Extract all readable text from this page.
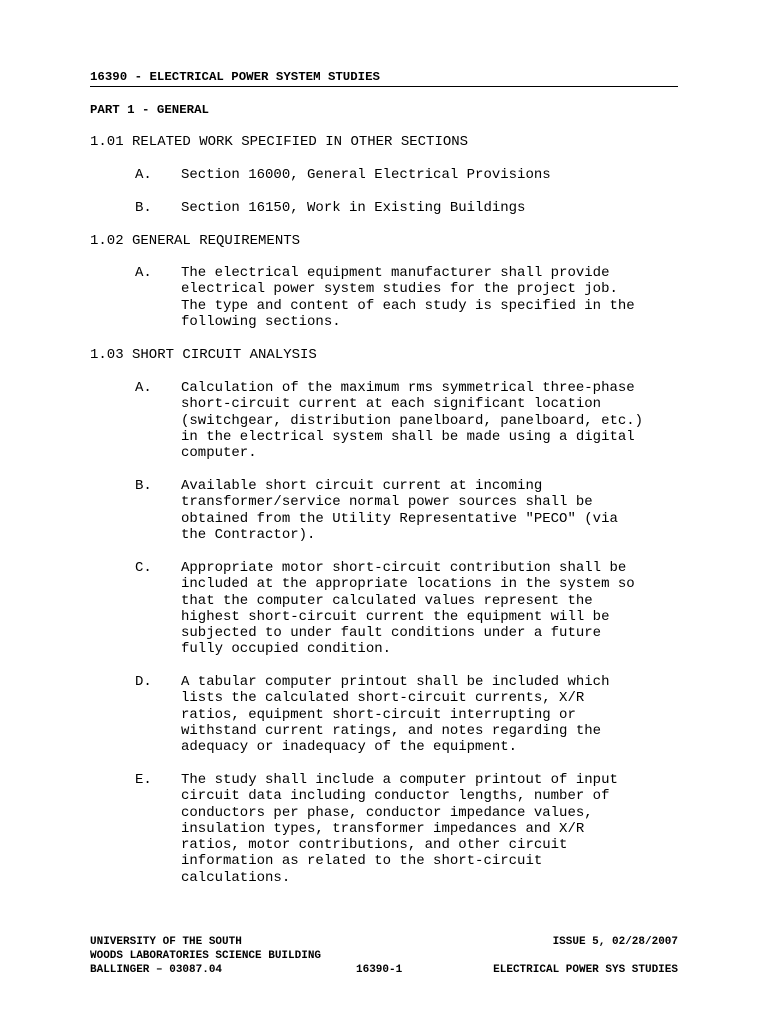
16390 - ELECTRICAL POWER SYSTEM STUDIES
PART 1 - GENERAL
1.01 RELATED WORK SPECIFIED IN OTHER SECTIONS
A. Section 16000, General Electrical Provisions
B. Section 16150, Work in Existing Buildings
1.02 GENERAL REQUIREMENTS
A. The electrical equipment manufacturer shall provide
electrical power system studies for the project job.
The type and content of each study is specified in the
following sections.
1.03 SHORT CIRCUIT ANALYSIS
A. Calculation of the maximum rms symmetrical three-phase
short-circuit current at each significant location
(switchgear, distribution panelboard, panelboard, etc.)
in the electrical system shall be made using a digital
computer.
B. Available short circuit current at incoming
transformer/service normal power sources shall be
obtained from the Utility Representative "PECO" (via
the Contractor).
C. Appropriate motor short-circuit contribution shall be
included at the appropriate locations in the system so
that the computer calculated values represent the
highest short-circuit current the equipment will be
subjected to under fault conditions under a future
fully occupied condition.
D. A tabular computer printout shall be included which
lists the calculated short-circuit currents, X/R
ratios, equipment short-circuit interrupting or
withstand current ratings, and notes regarding the
adequacy or inadequacy of the equipment.
E. The study shall include a computer printout of input
circuit data including conductor lengths, number of
conductors per phase, conductor impedance values,
insulation types, transformer impedances and X/R
ratios, motor contributions, and other circuit
information as related to the short-circuit
calculations.
UNIVERSITY OF THE SOUTH
WOODS LABORATORIES SCIENCE BUILDING
BALLINGER – 03087.04	16390-1
ISSUE 5, 02/28/2007
ELECTRICAL POWER SYS STUDIES
